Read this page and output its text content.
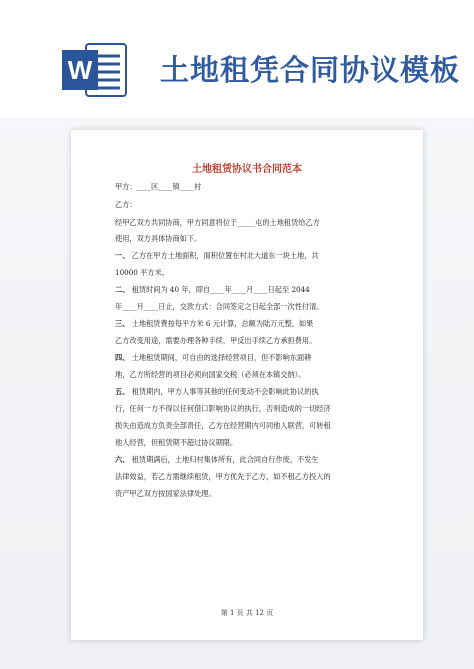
W 土地租凭合同协议模板
土地租赁协议书合同范本
甲方：____区____镇____村
乙方：
经甲乙双方共同协商，甲方同意将位于_____屯的土地租赁给乙方
使用，双方具体协商如下。
一、 乙方在甲方土地面积，面积位置在村北大道东一块土地，共
10000 平方米。
二、 租赁时间为 40 年，即自____年____月____日起至 2044
年____月____日止，交款方式：合同签定之日起全部一次性付清。
三、 土地租赁费按每平方米 6 元计算，总额为陆万元整，如果
乙方改变用途，需要办理各种手续，甲反出手续乙方承担费用。
四、 土地租赁期间，可自由的选择经营项目，但不影响东面耕
地，乙方所经营的项目必须向国家交税（必须在本镇交纳）。
五、 租赁期内，甲方人事等其他的任何变动不会影响此协议的执
行，任何一方不得以任何借口影响协议的执行，否则造成的一切经济
损失由造成方负责全部责任，乙方在经营期内可同他人联营，可转租
他人经营，但租赁期不超过协议期限。
六、 租赁期满后，土地归村集体所有，此合同自行作废，不发生
法律效益，若乙方需继续租赁，甲方优先于乙方，如不租乙方投入的
资产甲乙双方按国家法律处理。
第 1 页 共 12 页
